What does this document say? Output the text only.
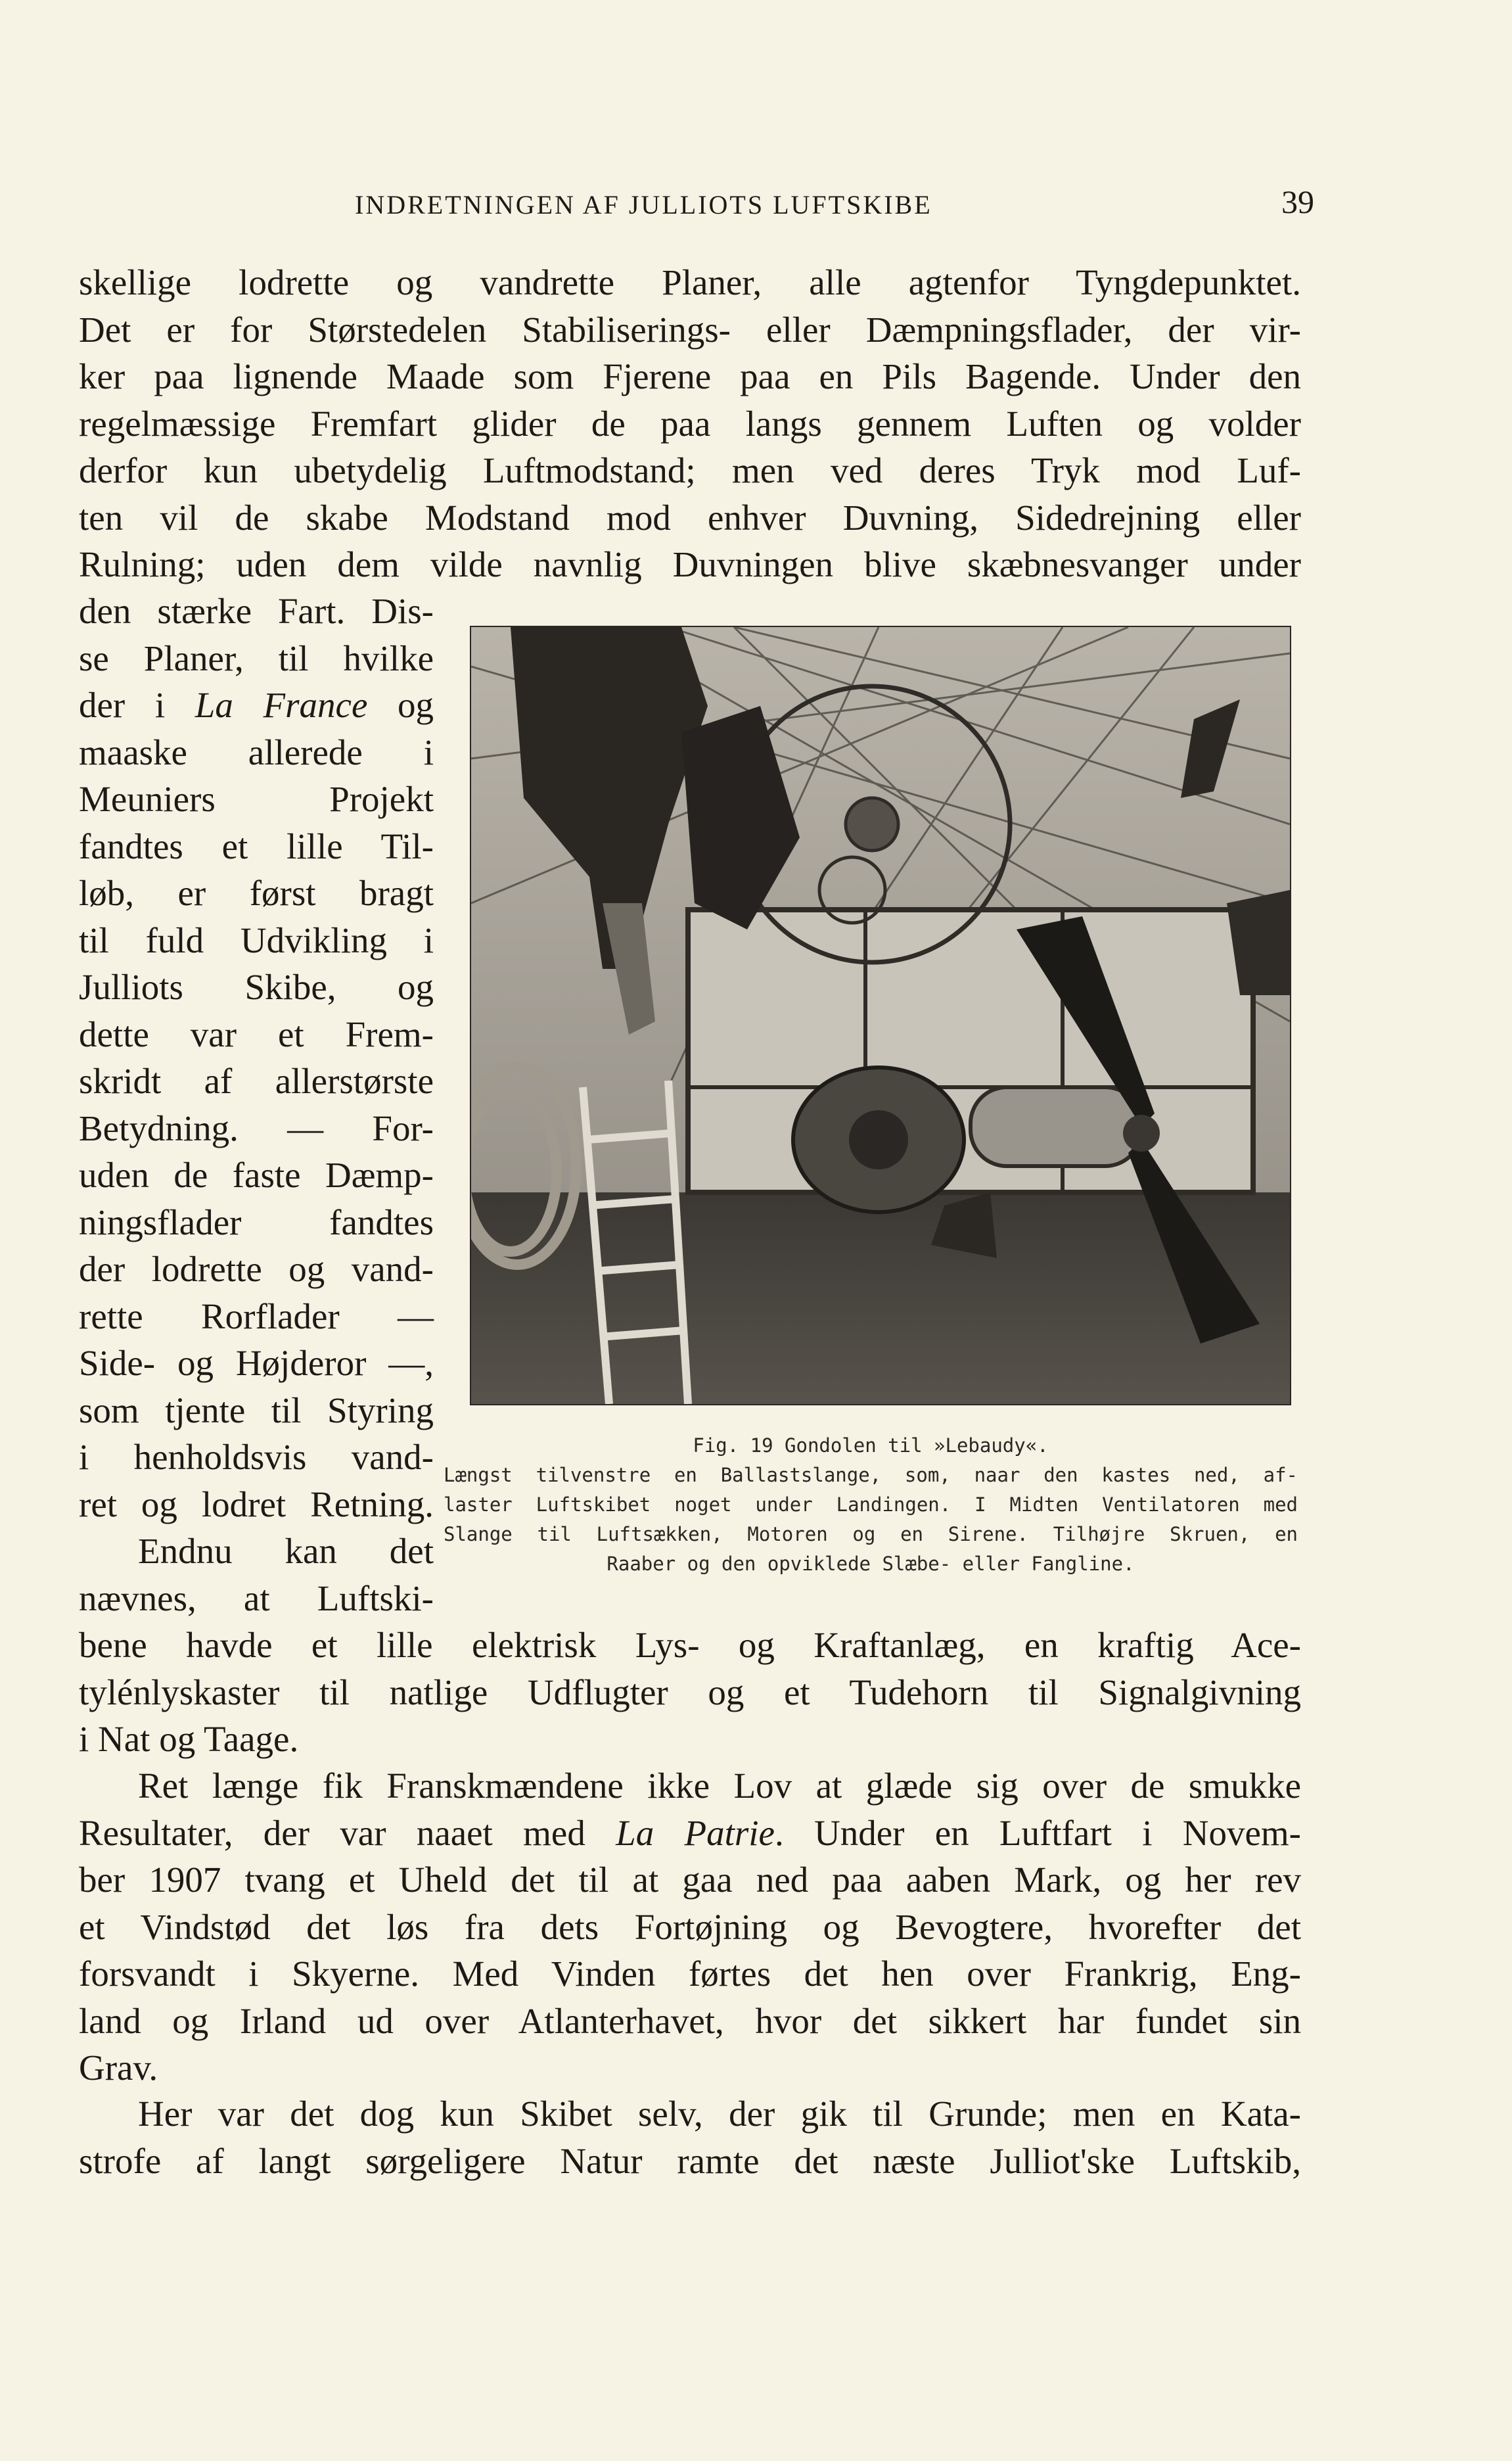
INDRETNINGEN AF JULLIOTS LUFTSKIBE	39
skellige lodrette og vandrette Planer, alle agtenfor Tyngdepunktet.
Det er for Størstedelen Stabiliserings- eller Dæmpningsflader, der vir-
ker paa lignende Maade som Fjerene paa en Pils Bagende. Under den
regelmæssige Fremfart glider de paa langs gennem Luften og volder
derfor kun ubetydelig Luftmodstand; men ved deres Tryk mod Luf-
ten vil de skabe Modstand mod enhver Duvning, Sidedrejning eller
Rulning; uden dem vilde navnlig Duvningen blive skæbnesvanger under
den stærke Fart. Dis-
se Planer, til hvilke
der i La France og
maaske allerede i
Meuniers Projekt
fandtes et lille Til-
løb, er først bragt
til fuld Udvikling i
Julliots Skibe, og
dette var et Frem-
skridt af allerstørste
Betydning. — For-
uden de faste Dæmp-
ningsflader fandtes
der lodrette og vand-
rette Rorflader —
Side- og Højderor —,
som tjente til Styring
i henholdsvis vand-
ret og lodret Retning.
Endnu kan det
nævnes, at Luftski-
Fig. 19 Gondolen til »Lebaudy«.
Længst tilvenstre en Ballastslange, som, naar den kastes ned, af-
laster Luftskibet noget under Landingen. I Midten Ventilatoren med
Slange til Luftsækken, Motoren og en Sirene. Tilhøjre Skruen, en
Raaber og den opviklede Slæbe- eller Fangline.
bene havde et lille elektrisk Lys- og Kraftanlæg, en kraftig Ace-
tylénlyskaster til natlige Udflugter og et Tudehorn til Signalgivning
i Nat og Taage.
Ret længe fik Franskmændene ikke Lov at glæde sig over de smukke
Resultater, der var naaet med La Patrie. Under en Luftfart i Novem-
ber 1907 tvang et Uheld det til at gaa ned paa aaben Mark, og her rev
et Vindstød det løs fra dets Fortøjning og Bevogtere, hvorefter det
forsvandt i Skyerne. Med Vinden førtes det hen over Frankrig, Eng-
land og Irland ud over Atlanterhavet, hvor det sikkert har fundet sin
Grav.
Her var det dog kun Skibet selv, der gik til Grunde; men en Kata-
strofe af langt sørgeligere Natur ramte det næste Julliot'ske Luftskib,
